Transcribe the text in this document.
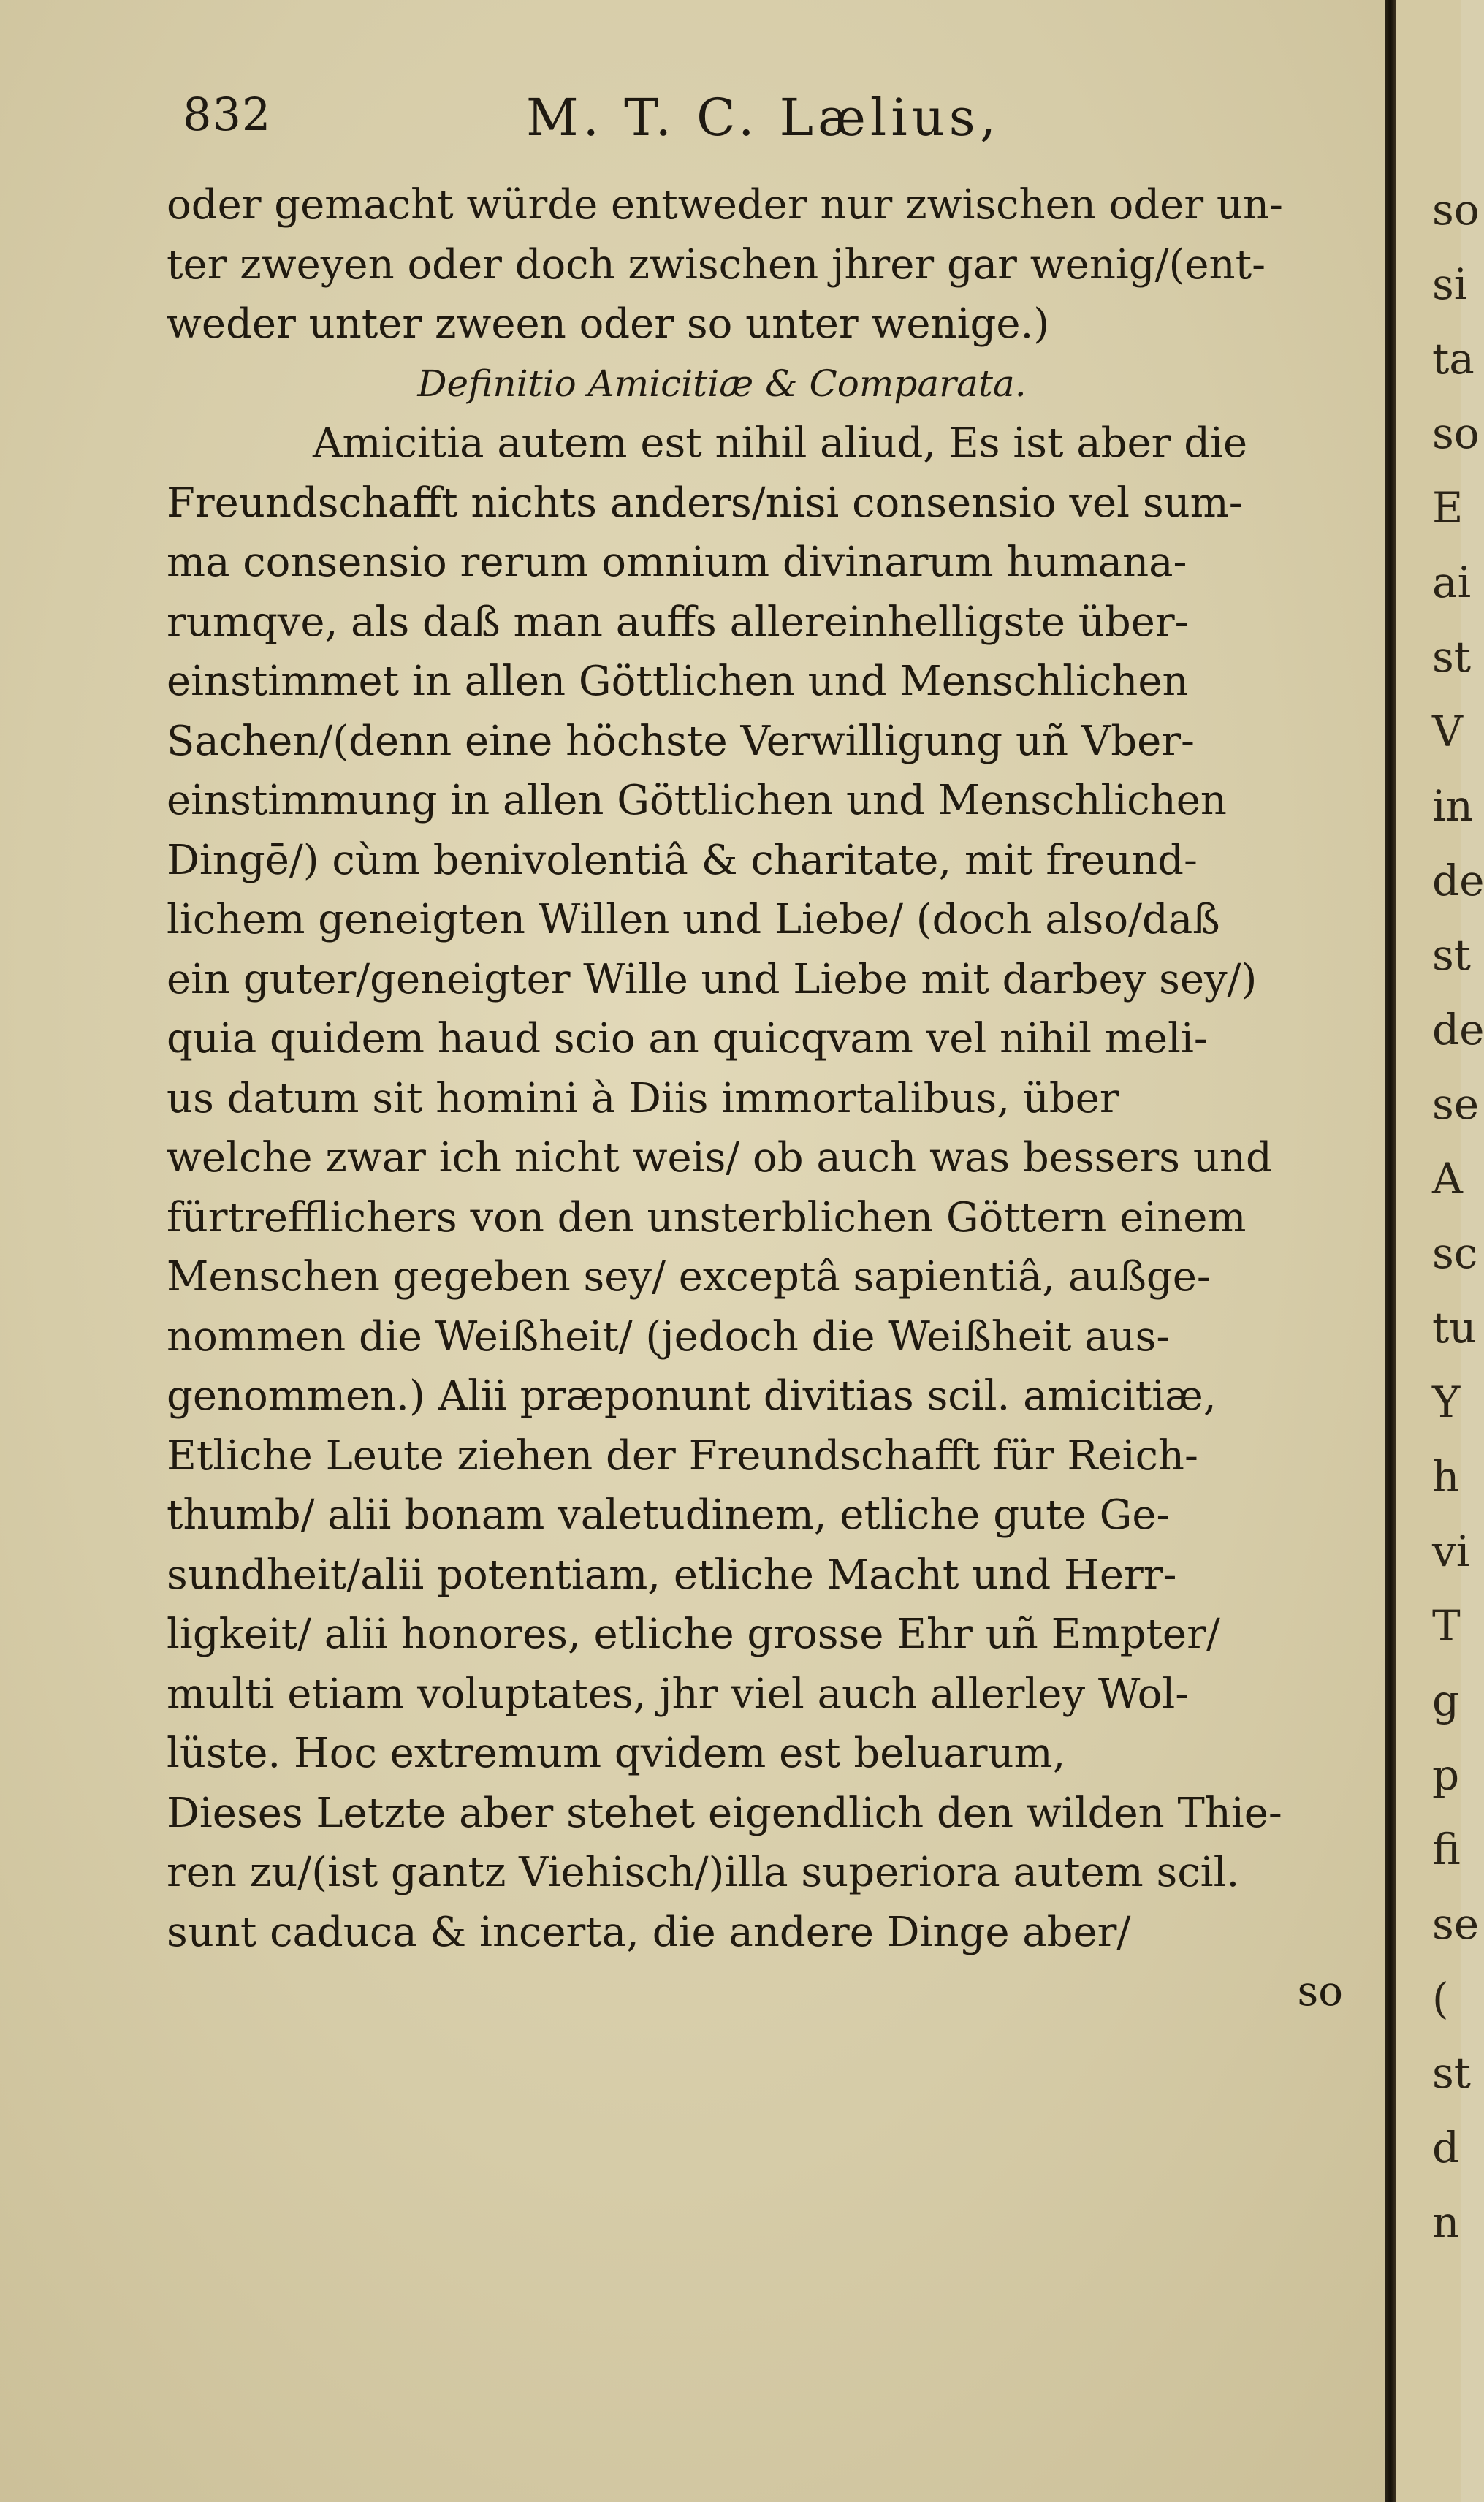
832	M. T. C. Lælius,
oder gemacht würde entweder nur zwischen oder un-
ter zweyen oder doch zwischen jhrer gar wenig/(ent-
weder unter zween oder so unter wenige.)
Definitio Amicitiæ & Comparata.
Amicitia autem est nihil aliud, Es ist aber die
Freundschafft nichts anders/nisi consensio vel sum-
ma consensio rerum omnium divinarum humana-
rumqve, als daß man auffs allereinhelligste über-
einstimmet in allen Göttlichen und Menschlichen
Sachen/(denn eine höchste Verwilligung uñ Vber-
einstimmung in allen Göttlichen und Menschlichen
Dingē/) cùm benivolentiâ & charitate, mit freund-
lichem geneigten Willen und Liebe/ (doch also/daß
ein guter/geneigter Wille und Liebe mit darbey sey/)
quia quidem haud scio an quicqvam vel nihil meli-
us datum sit homini à Diis immortalibus, über
welche zwar ich nicht weis/ ob auch was bessers und
fürtrefflichers von den unsterblichen Göttern einem
Menschen gegeben sey/ exceptâ sapientiâ, außge-
nommen die Weißheit/ (jedoch die Weißheit aus-
genommen.) Alii præponunt divitias scil. amicitiæ,
Etliche Leute ziehen der Freundschafft für Reich-
thumb/ alii bonam valetudinem, etliche gute Ge-
sundheit/alii potentiam, etliche Macht und Herr-
ligkeit/ alii honores, etliche grosse Ehr uñ Empter/
multi etiam voluptates, jhr viel auch allerley Wol-
lüste. Hoc extremum qvidem est beluarum,
Dieses Letzte aber stehet eigendlich den wilden Thie-
ren zu/(ist gantz Viehisch/)illa superiora autem scil.
sunt caduca & incerta, die andere Dinge aber/
so
so
si
ta
so
E
ai
st
V
in
de
st
de
se
A
sc
tu
Y
h
vi
T
g
p
fi
se
(
st
d
n
